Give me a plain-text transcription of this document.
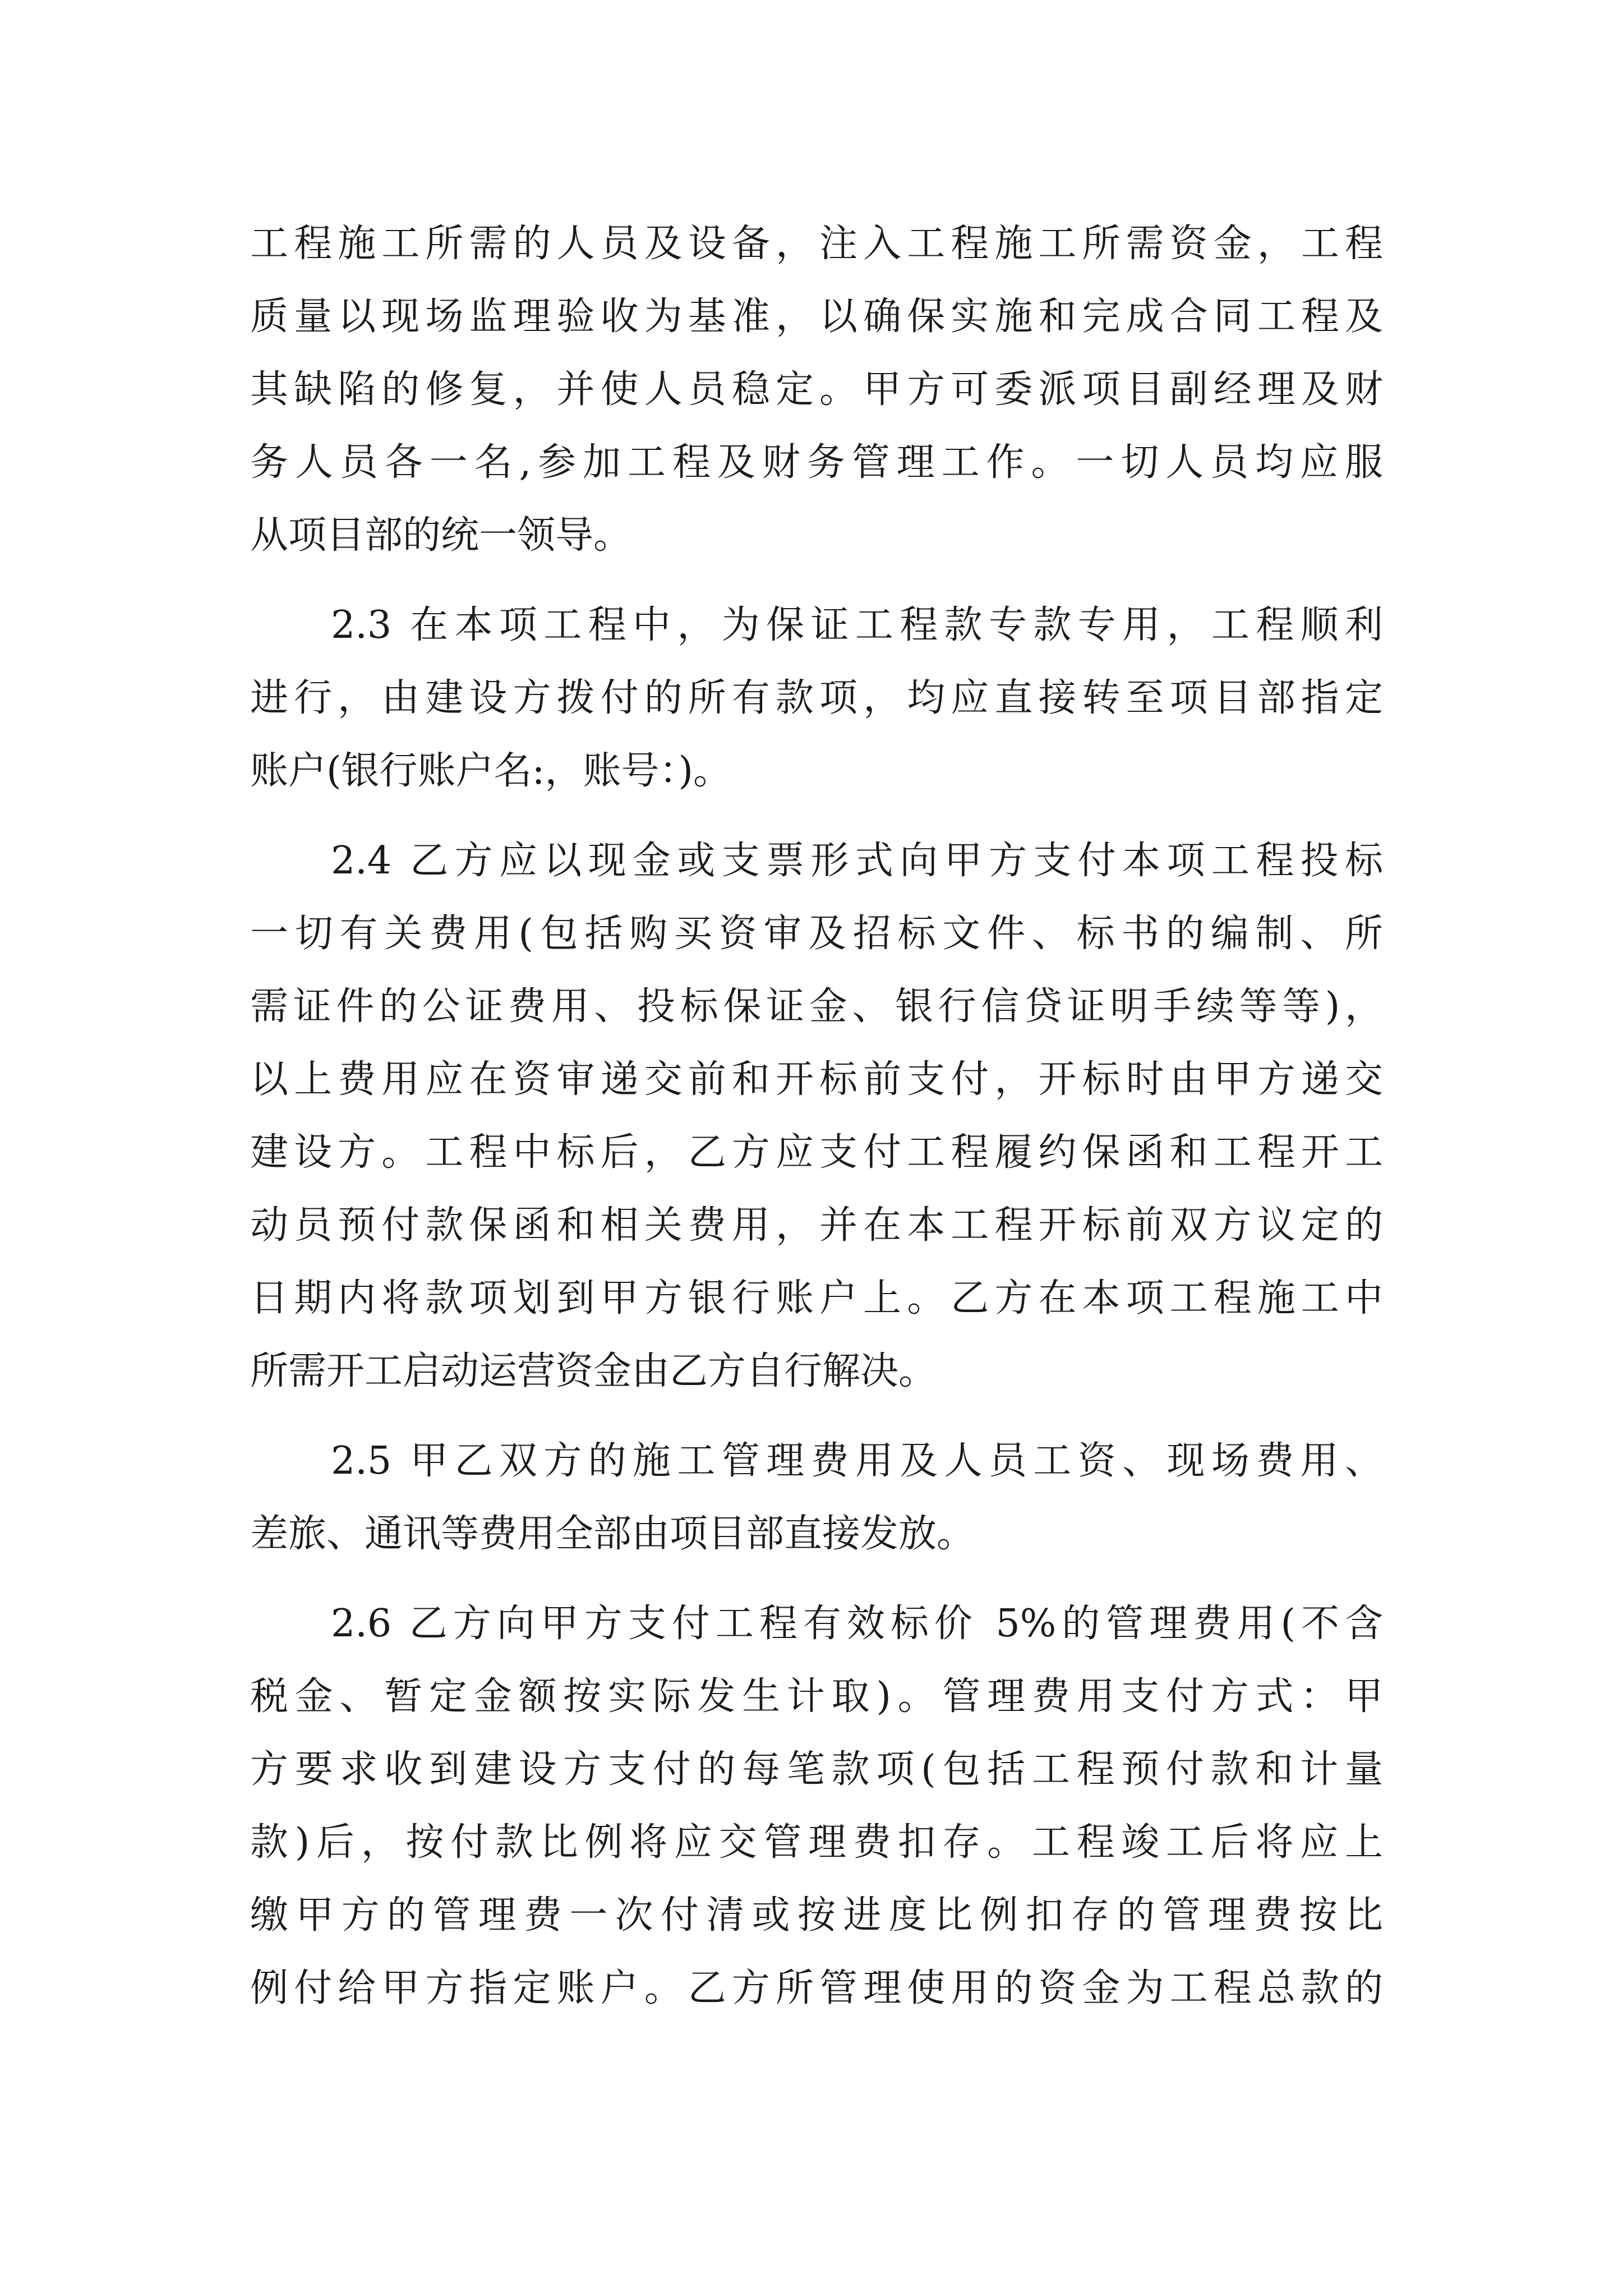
工程施工所需的人员及设备，注入工程施工所需资金，工程
质量以现场监理验收为基准，以确保实施和完成合同工程及
其缺陷的修复，并使人员稳定。甲方可委派项目副经理及财
务人员各一名,参加工程及财务管理工作。一切人员均应服
从项目部的统一领导。
2.3 在本项工程中，为保证工程款专款专用，工程顺利
进行，由建设方拨付的所有款项，均应直接转至项目部指定
账户(银行账户名:，账号：)。
2.4 乙方应以现金或支票形式向甲方支付本项工程投标
一切有关费用(包括购买资审及招标文件、标书的编制、所
需证件的公证费用、投标保证金、银行信贷证明手续等等)，
以上费用应在资审递交前和开标前支付，开标时由甲方递交
建设方。工程中标后，乙方应支付工程履约保函和工程开工
动员预付款保函和相关费用，并在本工程开标前双方议定的
日期内将款项划到甲方银行账户上。乙方在本项工程施工中
所需开工启动运营资金由乙方自行解决。
2.5 甲乙双方的施工管理费用及人员工资、现场费用、
差旅、通讯等费用全部由项目部直接发放。
2.6 乙方向甲方支付工程有效标价 5%的管理费用(不含
税金、暂定金额按实际发生计取)。管理费用支付方式：甲
方要求收到建设方支付的每笔款项(包括工程预付款和计量
款)后，按付款比例将应交管理费扣存。工程竣工后将应上
缴甲方的管理费一次付清或按进度比例扣存的管理费按比
例付给甲方指定账户。乙方所管理使用的资金为工程总款的
